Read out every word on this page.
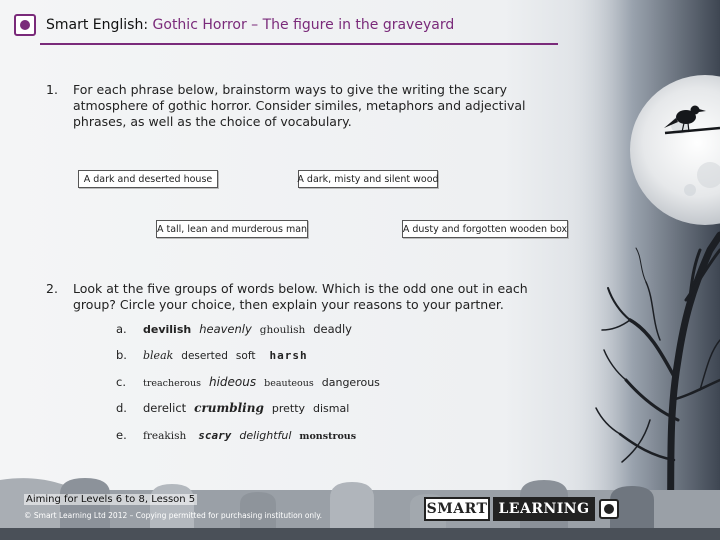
Smart English: Gothic Horror – The figure in the graveyard
1. For each phrase below, brainstorm ways to give the writing the scary atmosphere of gothic horror. Consider similes, metaphors and adjectival phrases, as well as the choice of vocabulary.
A dark and deserted house	A dark, misty and silent wood
A tall, lean and murderous man	A dusty and forgotten wooden box
2. Look at the five groups of words below. Which is the odd one out in each group? Circle your choice, then explain your reasons to your partner.
a.	devilish heavenly ghoulish deadly
b.	bleak deserted soft harsh
c.	treacherous hideous beauteous dangerous
d.	derelict crumbling pretty dismal
e.	freakish scary delightful monstrous
Aiming for Levels 6 to 8, Lesson 5
© Smart Learning Ltd 2012 – Copying permitted for purchasing institution only.	SMART LEARNING
